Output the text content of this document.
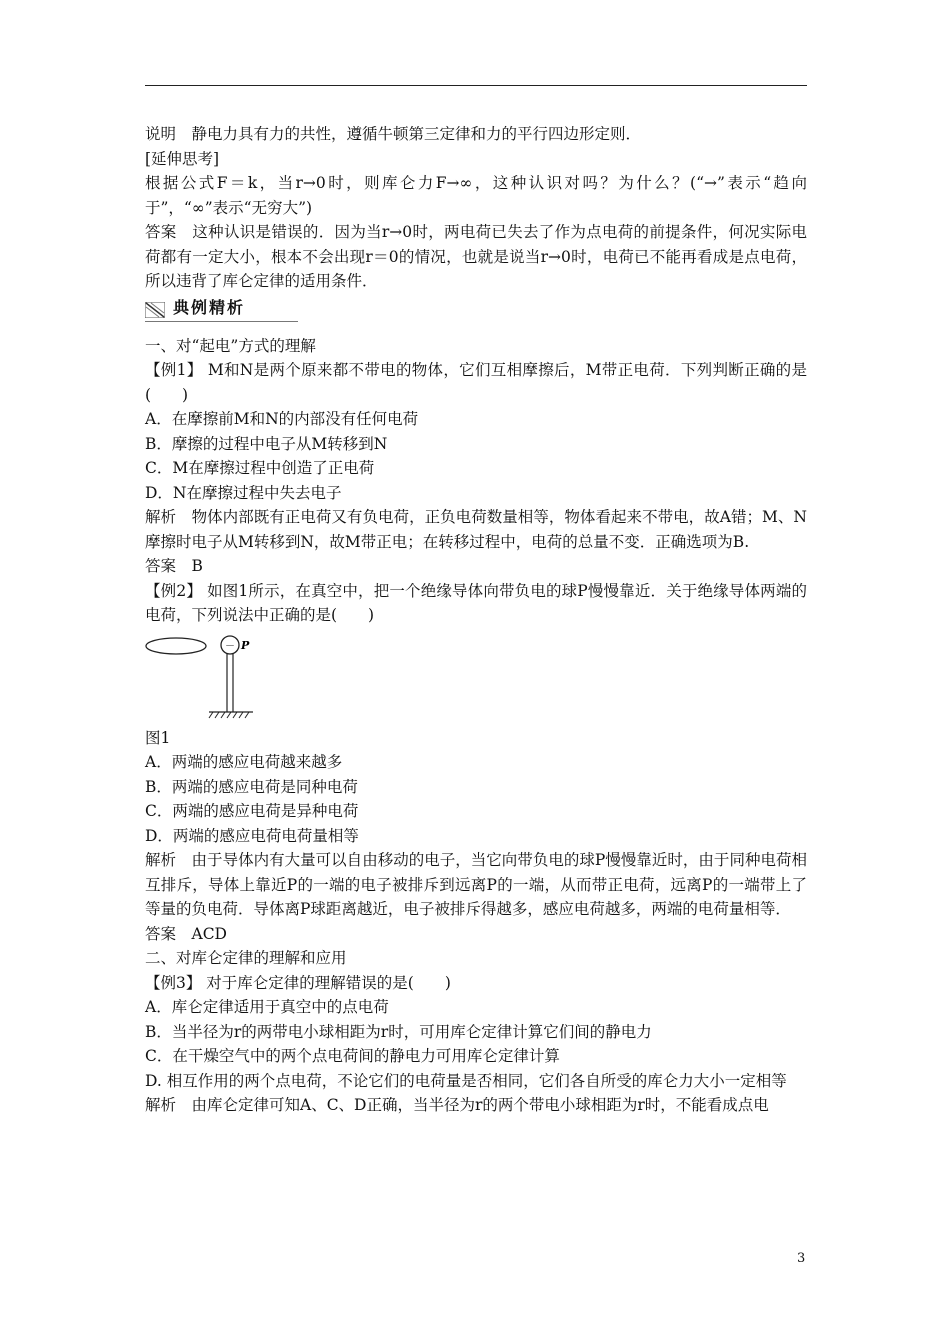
说明　静电力具有力的共性，遵循牛顿第三定律和力的平行四边形定则．

[延伸思考]

根据公式F＝k，当r→0时，则库仑力F→∞，这种认识对吗？为什么？(“→”表示“趋向于”，“∞”表示“无穷大”)

答案　这种认识是错误的．因为当r→0时，两电荷已失去了作为点电荷的前提条件，何况实际电荷都有一定大小，根本不会出现r＝0的情况，也就是说当r→0时，电荷已不能再看成是点电荷，所以违背了库仑定律的适用条件．

典例精析

一、对“起电”方式的理解

【例1】 M和N是两个原来都不带电的物体，它们互相摩擦后，M带正电荷．下列判断正确的是(　　)

A．在摩擦前M和N的内部没有任何电荷

B．摩擦的过程中电子从M转移到N

C．M在摩擦过程中创造了正电荷

D．N在摩擦过程中失去电子

解析　物体内部既有正电荷又有负电荷，正负电荷数量相等，物体看起来不带电，故A错；M、N摩擦时电子从M转移到N，故M带正电；在转移过程中，电荷的总量不变．正确选项为B.

答案　B

【例2】 如图1所示，在真空中，把一个绝缘导体向带负电的球P慢慢靠近．关于绝缘导体两端的电荷，下列说法中正确的是(　　)

－ P

图1

A．两端的感应电荷越来越多

B．两端的感应电荷是同种电荷

C．两端的感应电荷是异种电荷

D．两端的感应电荷电荷量相等

解析　由于导体内有大量可以自由移动的电子，当它向带负电的球P慢慢靠近时，由于同种电荷相互排斥，导体上靠近P的一端的电子被排斥到远离P的一端，从而带正电荷，远离P的一端带上了等量的负电荷．导体离P球距离越近，电子被排斥得越多，感应电荷越多，两端的电荷量相等．

答案　ACD

二、对库仑定律的理解和应用

【例3】 对于库仑定律的理解错误的是(　　)

A．库仑定律适用于真空中的点电荷

B．当半径为r的两带电小球相距为r时，可用库仑定律计算它们间的静电力

C．在干燥空气中的两个点电荷间的静电力可用库仑定律计算

D. 相互作用的两个点电荷，不论它们的电荷量是否相同，它们各自所受的库仑力大小一定相等

解析　由库仑定律可知A、C、D正确，当半径为r的两个带电小球相距为r时，不能看成点电

3
